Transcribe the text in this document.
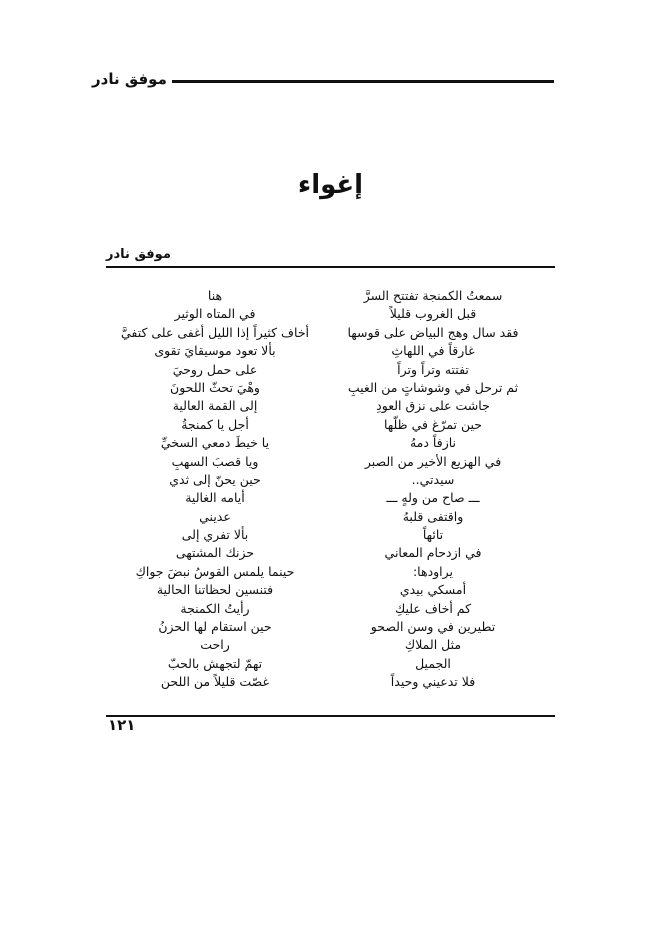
موفق نادر
إغواء
موفق نادر
سمعتُ الكمنجة تفتتح السرَّ
قبل الغروب قليلاً
فقد سال وهج البياض على قوسها
غارقاً في اللهاثِ
تفتته وتراً وتراً
ثم ترحل في وشوشاتٍ من الغيبِ
جاشت على نزق العودِ
حين تمرّغ في ظلّها
نازفاً دمهُ
في الهزيع الأخير من الصبر
سيدتي..
ـــ صاح من ولهٍ ـــ
واقتفى قلبهُ
تائهاً
في ازدحام المعاني
يراودها:
أمسكي بيدي
كم أخاف عليكِ
تطيرين في وسن الصحو
مثل الملاكِ
الجميل
فلا تدعيني وحيداً
هنا
في المتاه الوثير
أخاف كثيراً إذا الليل أغفى على كتفيَّ
بألا تعود موسيقايَ تقوى
على حمل روحيَ
وهْيَ تحثّ اللحونَ
إلى القمة العالية
أجل يا كمنجةُ
يا خيطَ دمعي السخيِّ
ويا قصبَ السهبِ
حين يحنّ إلى ثدي
أيامه الغالية
عديني
بألا تفري إلى
حزنك المشتهى
حينما يلمس القوسُ نبضَ جواكِ
فتنسين لحظاتنا الحالية
رأيتُ الكمنجة
حين استقام لها الحزنُ
راحت
تهمّ لتجهش بالحبّ
غصّت قليلاً من اللحن
١٢١
